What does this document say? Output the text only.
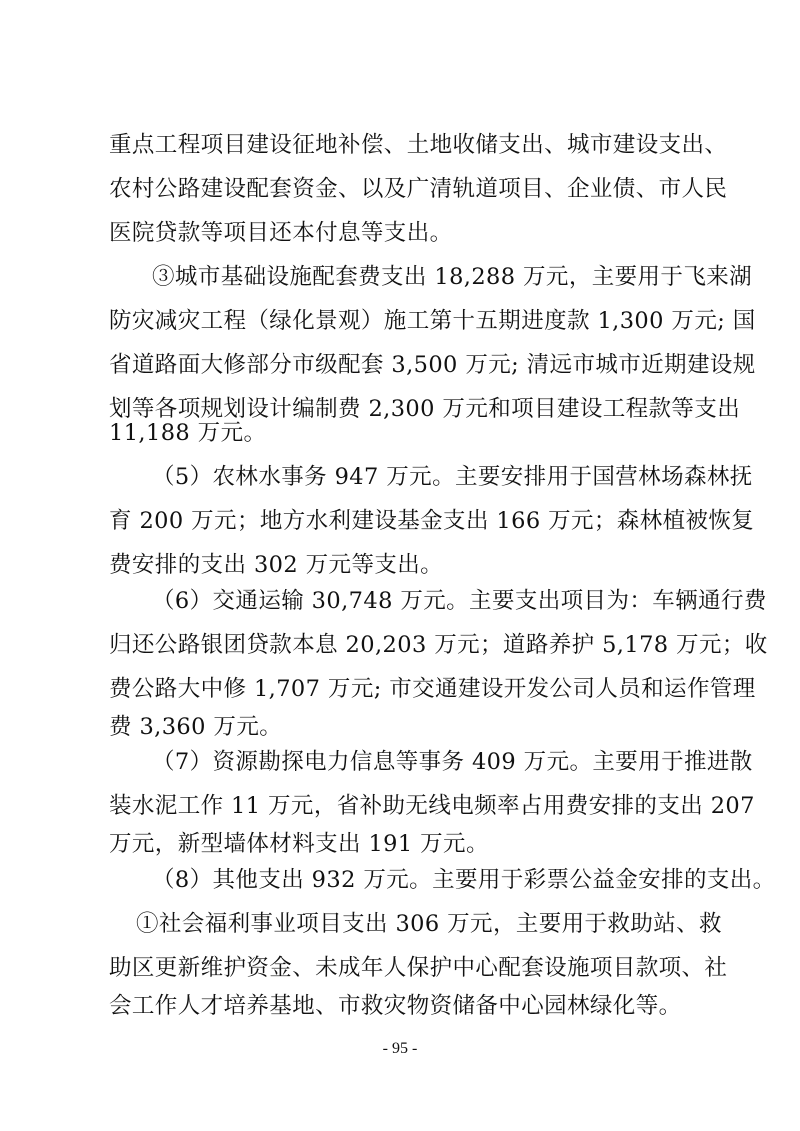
重点工程项目建设征地补偿、土地收储支出、城市建设支出、
农村公路建设配套资金、以及广清轨道项目、企业债、市人民
医院贷款等项目还本付息等支出。
③城市基础设施配套费支出 18,288 万元，主要用于飞来湖
防灾减灾工程（绿化景观）施工第十五期进度款 1,300 万元; 国
省道路面大修部分市级配套 3,500 万元; 清远市城市近期建设规
划等各项规划设计编制费 2,300 万元和项目建设工程款等支出
11,188 万元。
（5）农林水事务 947 万元。主要安排用于国营林场森林抚
育 200 万元；地方水利建设基金支出 166 万元；森林植被恢复
费安排的支出 302 万元等支出。
（6）交通运输 30,748 万元。主要支出项目为：车辆通行费
归还公路银团贷款本息 20,203 万元；道路养护 5,178 万元；收
费公路大中修 1,707 万元; 市交通建设开发公司人员和运作管理
费 3,360 万元。
（7）资源勘探电力信息等事务 409 万元。主要用于推进散
装水泥工作 11 万元，省补助无线电频率占用费安排的支出 207
万元，新型墙体材料支出 191 万元。
（8）其他支出 932 万元。主要用于彩票公益金安排的支出。
①社会福利事业项目支出 306 万元，主要用于救助站、救
助区更新维护资金、未成年人保护中心配套设施项目款项、社
会工作人才培养基地、市救灾物资储备中心园林绿化等。
- 95 -
